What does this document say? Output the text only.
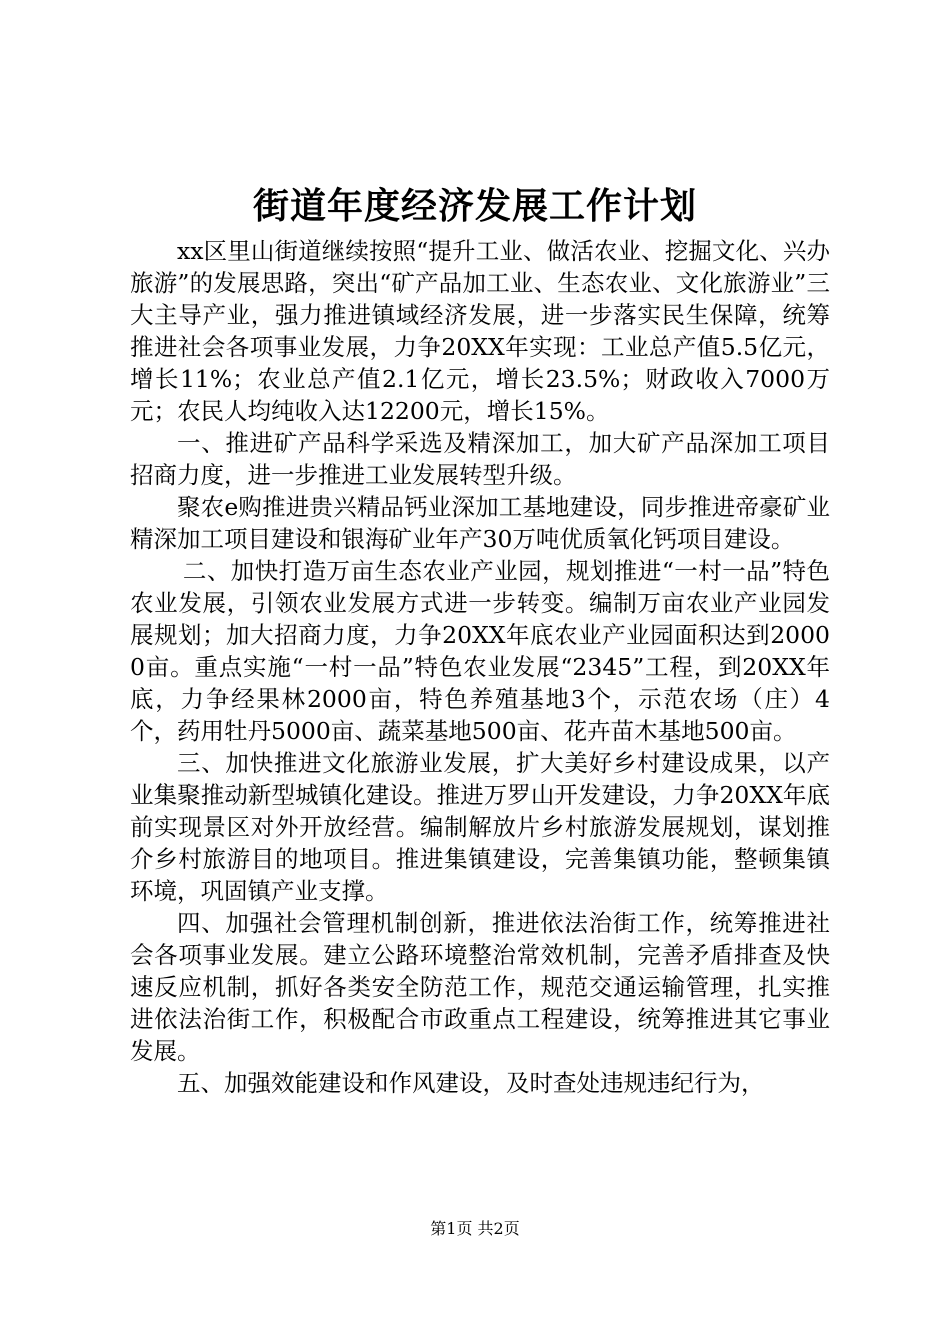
街道年度经济发展工作计划

xx区里山街道继续按照“提升工业、做活农业、挖掘文化、兴办旅游”的发展思路，突出“矿产品加工业、生态农业、文化旅游业”三大主导产业，强力推进镇域经济发展，进一步落实民生保障，统筹推进社会各项事业发展，力争20XX年实现：工业总产值5.5亿元，增长11%；农业总产值2.1亿元，增长23.5%；财政收入7000万元；农民人均纯收入达12200元，增长15%。

一、推进矿产品科学采选及精深加工，加大矿产品深加工项目招商力度，进一步推进工业发展转型升级。

聚农e购推进贵兴精品钙业深加工基地建设，同步推进帝豪矿业精深加工项目建设和银海矿业年产30万吨优质氧化钙项目建设。

二、加快打造万亩生态农业产业园，规划推进“一村一品”特色农业发展，引领农业发展方式进一步转变。编制万亩农业产业园发展规划；加大招商力度，力争20XX年底农业产业园面积达到20000亩。重点实施“一村一品”特色农业发展“2345”工程，到20XX年底，力争经果林2000亩，特色养殖基地3个，示范农场（庄）4个，药用牡丹5000亩、蔬菜基地500亩、花卉苗木基地500亩。

三、加快推进文化旅游业发展，扩大美好乡村建设成果，以产业集聚推动新型城镇化建设。推进万罗山开发建设，力争20XX年底前实现景区对外开放经营。编制解放片乡村旅游发展规划，谋划推介乡村旅游目的地项目。推进集镇建设，完善集镇功能，整顿集镇环境，巩固镇产业支撑。

四、加强社会管理机制创新，推进依法治街工作，统筹推进社会各项事业发展。建立公路环境整治常效机制，完善矛盾排查及快速反应机制，抓好各类安全防范工作，规范交通运输管理，扎实推进依法治街工作，积极配合市政重点工程建设，统筹推进其它事业发展。

五、加强效能建设和作风建设，及时查处违规违纪行为，

第1页 共2页
